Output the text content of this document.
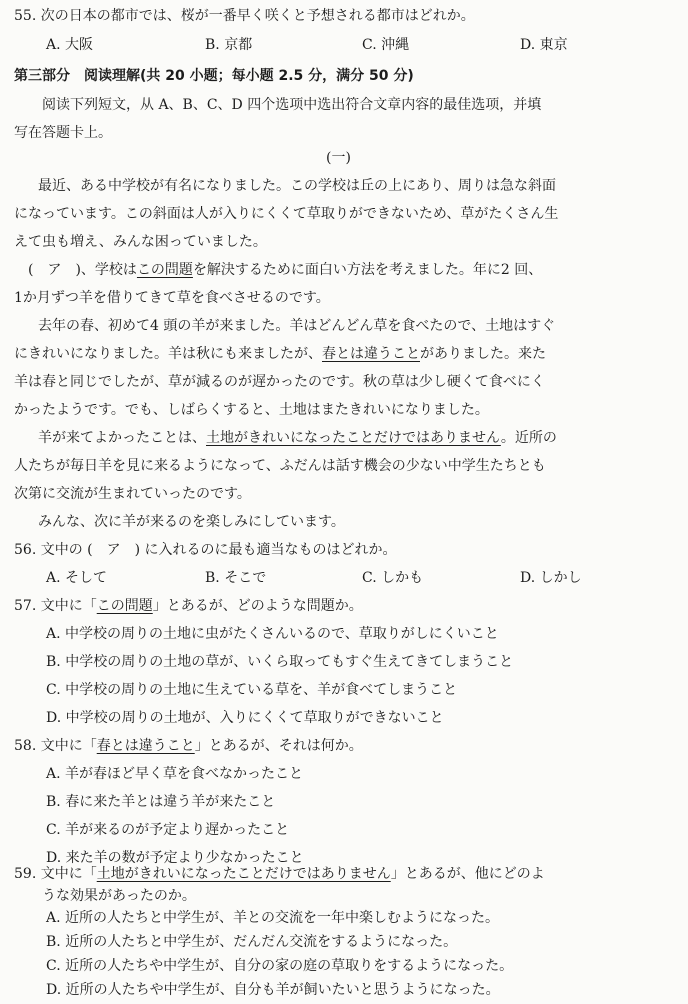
55. 次の日本の都市では、桜が一番早く咲くと予想される都市はどれか。
A. 大阪	B. 京都	C. 沖縄	D. 東京
第三部分　阅读理解(共 20 小题；每小题 2.5 分，满分 50 分)
阅读下列短文，从 A、B、C、D 四个选项中选出符合文章内容的最佳选项，并填
写在答题卡上。
(一)
最近、ある中学校が有名になりました。この学校は丘の上にあり、周りは急な斜面
になっています。この斜面は人が入りにくくて草取りができないため、草がたくさん生
えて虫も増え、みんな困っていました。
(　ア　)、学校はこの問題を解決するために面白い方法を考えました。年に2 回、
1か月ずつ羊を借りてきて草を食べさせるのです。
去年の春、初めて4 頭の羊が来ました。羊はどんどん草を食べたので、土地はすぐ
にきれいになりました。羊は秋にも来ましたが、春とは違うことがありました。来た
羊は春と同じでしたが、草が減るのが遅かったのです。秋の草は少し硬くて食べにく
かったようです。でも、しばらくすると、土地はまたきれいになりました。
羊が来てよかったことは、土地がきれいになったことだけではありません。近所の
人たちが毎日羊を見に来るようになって、ふだんは話す機会の少ない中学生たちとも
次第に交流が生まれていったのです。
みんな、次に羊が来るのを楽しみにしています。
56. 文中の (　ア　) に入れるのに最も適当なものはどれか。
A. そして	B. そこで	C. しかも	D. しかし
57. 文中に「この問題」とあるが、どのような問題か。
A. 中学校の周りの土地に虫がたくさんいるので、草取りがしにくいこと
B. 中学校の周りの土地の草が、いくら取ってもすぐ生えてきてしまうこと
C. 中学校の周りの土地に生えている草を、羊が食べてしまうこと
D. 中学校の周りの土地が、入りにくくて草取りができないこと
58. 文中に「春とは違うこと」とあるが、それは何か。
A. 羊が春ほど早く草を食べなかったこと
B. 春に来た羊とは違う羊が来たこと
C. 羊が来るのが予定より遅かったこと
D. 来た羊の数が予定より少なかったこと
59. 文中に「土地がきれいになったことだけではありません」とあるが、他にどのよ
うな効果があったのか。
A. 近所の人たちと中学生が、羊との交流を一年中楽しむようになった。
B. 近所の人たちと中学生が、だんだん交流をするようになった。
C. 近所の人たちや中学生が、自分の家の庭の草取りをするようになった。
D. 近所の人たちや中学生が、自分も羊が飼いたいと思うようになった。
